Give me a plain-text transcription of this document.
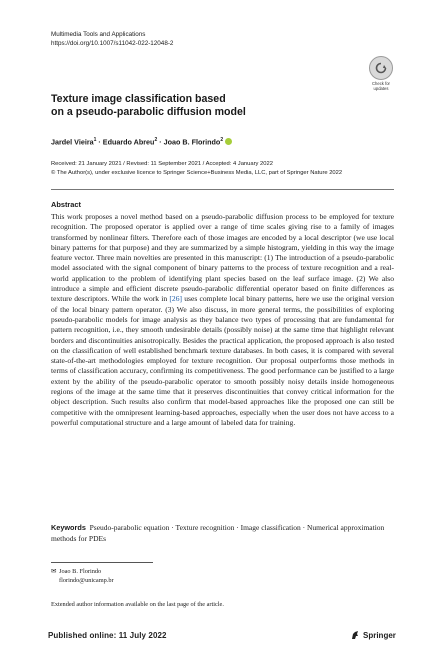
Multimedia Tools and Applications
https://doi.org/10.1007/s11042-022-12048-2
Check for updates
Texture image classification based
on a pseudo-parabolic diffusion model
Jardel Vieira$^1$ · Eduardo Abreu$^2$ · Joao B. Florindo$^2$
Received: 21 January 2021 / Revised: 11 September 2021 / Accepted: 4 January 2022
© The Author(s), under exclusive licence to Springer Science+Business Media, LLC, part of Springer Nature 2022
Abstract
This work proposes a novel method based on a pseudo-parabolic diffusion process to be employed for texture recognition. The proposed operator is applied over a range of time scales giving rise to a family of images transformed by nonlinear filters. Therefore each of those images are encoded by a local descriptor (we use local binary patterns for that purpose) and they are summarized by a simple histogram, yielding in this way the image feature vector. Three main novelties are presented in this manuscript: (1) The introduction of a pseudo-parabolic model associated with the signal component of binary patterns to the process of texture recognition and a real-world application to the problem of identifying plant species based on the leaf surface image. (2) We also introduce a simple and efficient discrete pseudo-parabolic differential operator based on finite differences as texture descriptors. While the work in [26] uses complete local binary patterns, here we use the original version of the local binary pattern operator. (3) We also discuss, in more general terms, the possibilities of exploring pseudo-parabolic models for image analysis as they balance two types of processing that are fundamental for pattern recognition, i.e., they smooth undesirable details (possibly noise) at the same time that highlight relevant borders and discontinuities anisotropically. Besides the practical application, the proposed approach is also tested on the classification of well established benchmark texture databases. In both cases, it is compared with several state-of-the-art methodologies employed for texture recognition. Our proposal outperforms those methods in terms of classification accuracy, confirming its competitiveness. The good performance can be justified to a large extent by the ability of the pseudo-parabolic operator to smooth possibly noisy details inside homogeneous regions of the image at the same time that it preserves discontinuities that convey critical information for the object description. Such results also confirm that model-based approaches like the proposed one can still be competitive with the omnipresent learning-based approaches, especially when the user does not have access to a powerful computational structure and a large amount of labeled data for training.
Keywords Pseudo-parabolic equation · Texture recognition · Image classification · Numerical approximation methods for PDEs
✉ Joao B. Florindo
florindo@unicamp.br
Extended author information available on the last page of the article.
Published online: 11 July 2022	Springer
